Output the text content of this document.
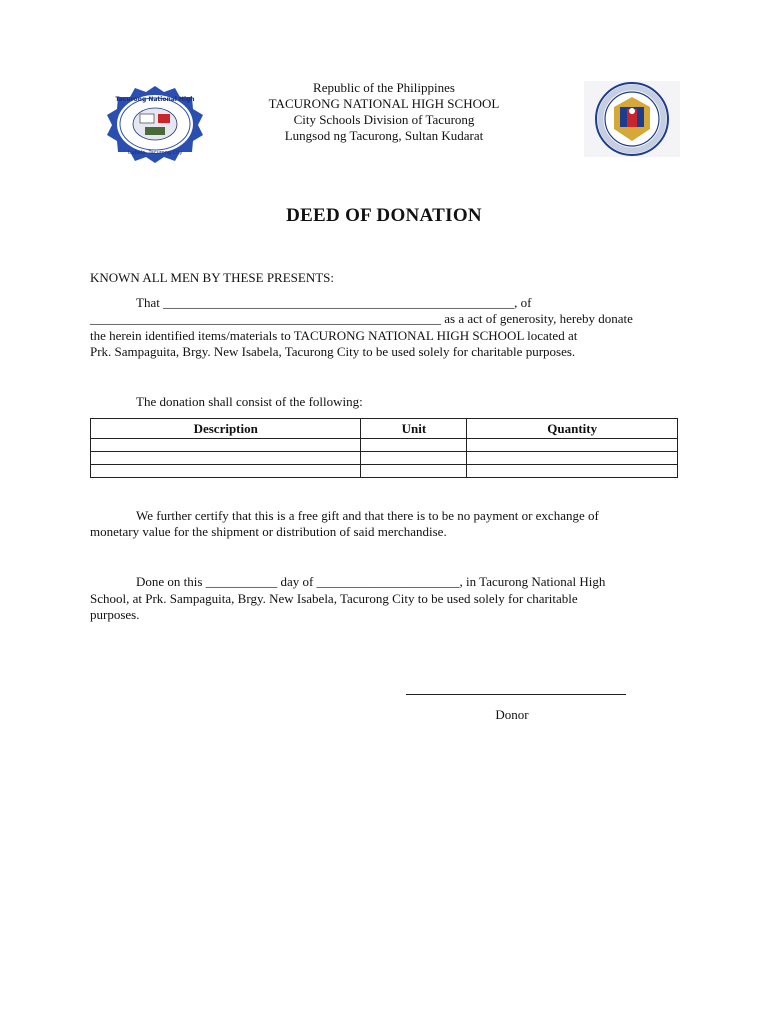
Tacurong National High
Isabela, Tacurong City
Republic of the Philippines
TACURONG NATIONAL HIGH SCHOOL
City Schools Division of Tacurong
Lungsod ng Tacurong, Sultan Kudarat
DEED OF DONATION
KNOWN ALL MEN BY THESE PRESENTS:
That ______________________________________________________, of
______________________________________________________ as a act of generosity, hereby donate
the herein identified items/materials to TACURONG NATIONAL HIGH SCHOOL located at
Prk. Sampaguita, Brgy. New Isabela, Tacurong City to be used solely for charitable purposes.
The donation shall consist of the following:
Description	Unit	Quantity

We further certify that this is a free gift and that there is to be no payment or exchange of
monetary value for the shipment or distribution of said merchandise.
Done on this ___________ day of ______________________, in Tacurong National High
School, at Prk. Sampaguita, Brgy. New Isabela, Tacurong City to be used solely for charitable
purposes.
Donor
